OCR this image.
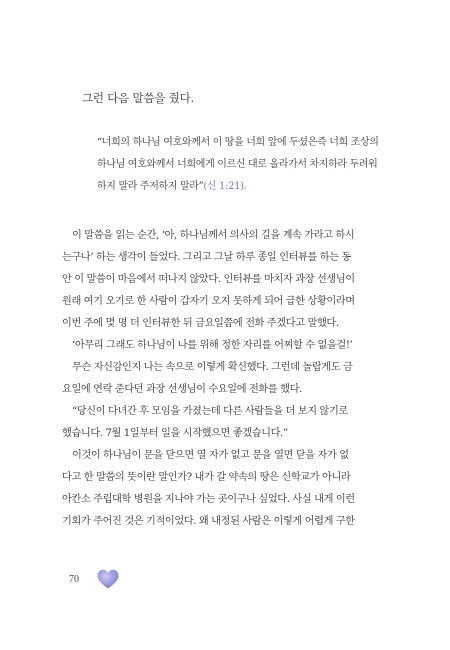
그런 다음 말씀을 줬다.
“너희의 하나님 여호와께서 이 땅을 너희 앞에 두셨은즉 너희 조상의
하나님 여호와께서 너희에게 이르신 대로 올라가서 차지하라 두려워
하지 말라 주저하지 말라”(신 1:21).
이 말씀을 읽는 순간, ‘아, 하나님께서 의사의 길을 계속 가라고 하시
는구나’ 하는 생각이 들었다. 그리고 그날 하루 종일 인터뷰를 하는 동
안 이 말씀이 마음에서 떠나지 않았다. 인터뷰를 마치자 과장 선생님이
원래 여기 오기로 한 사람이 갑자기 오지 못하게 되어 급한 상황이라며
이번 주에 몇 명 더 인터뷰한 뒤 금요일쯤에 전화 주겠다고 말했다.
‘아무리 그래도 하나님이 나를 위해 정한 자리를 어찌할 수 없을걸!’
무슨 자신감인지 나는 속으로 이렇게 확신했다. 그런데 놀랍게도 금
요일에 연락 준다던 과장 선생님이 수요일에 전화를 했다.
“당신이 다녀간 후 모임을 가졌는데 다른 사람들을 더 보지 않기로
했습니다. 7월 1일부터 일을 시작했으면 좋겠습니다.”
이것이 하나님이 문을 닫으면 열 자가 없고 문을 열면 닫을 자가 없
다고 한 말씀의 뜻이란 말인가? 내가 갈 약속의 땅은 신학교가 아니라
아칸소 주립대학 병원을 지나야 가는 곳이구나 싶었다. 사실 내게 이런
기회가 주어진 것은 기적이었다. 왜 내정된 사람은 이렇게 어렵게 구한
70
